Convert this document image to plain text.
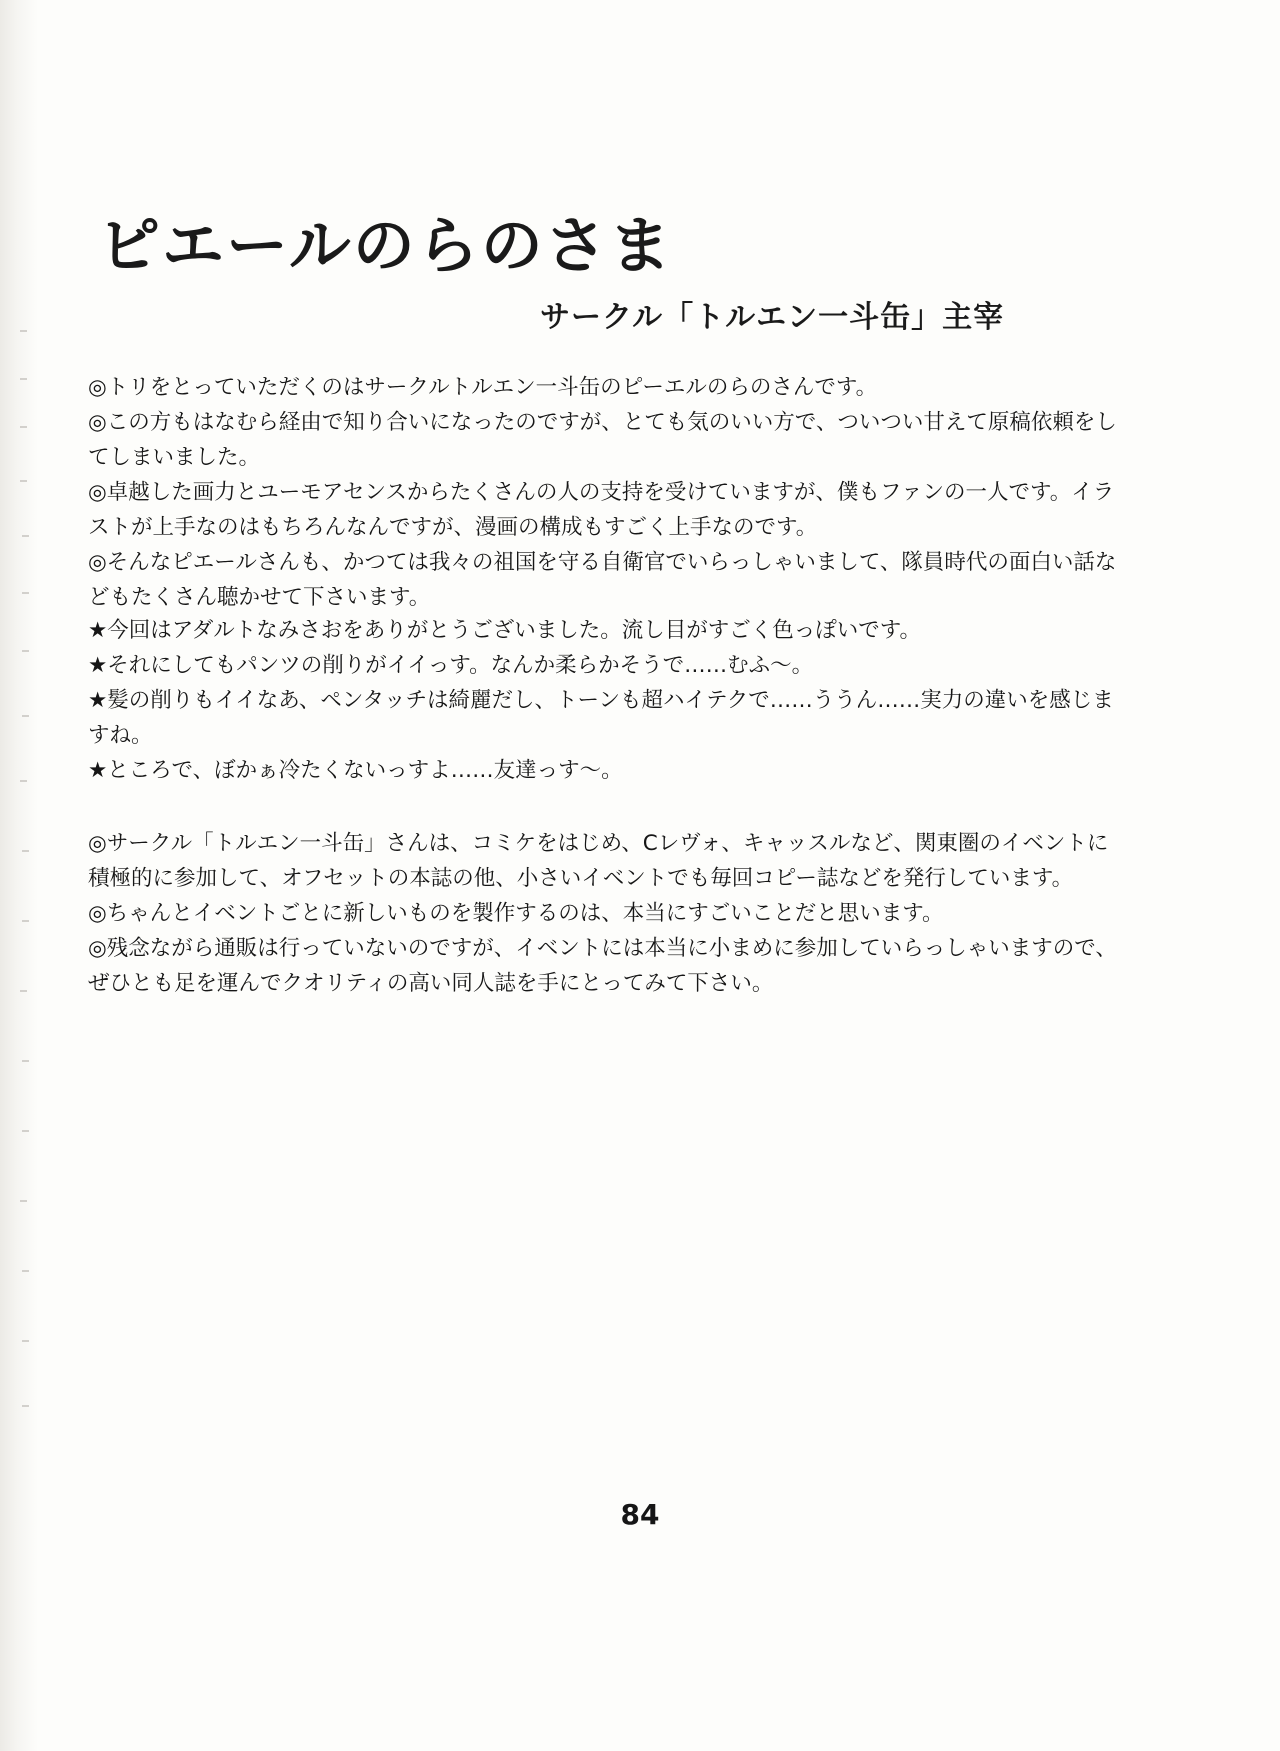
ピエールのらのさま
サークル「トルエン一斗缶」主宰

◎トリをとっていただくのはサークルトルエン一斗缶のピーエルのらのさんです。

◎この方もはなむら経由で知り合いになったのですが、とても気のいい方で、ついつい甘えて原稿依頼をしてしまいました。

◎卓越した画力とユーモアセンスからたくさんの人の支持を受けていますが、僕もファンの一人です。イラストが上手なのはもちろんなんですが、漫画の構成もすごく上手なのです。

◎そんなピエールさんも、かつては我々の祖国を守る自衛官でいらっしゃいまして、隊員時代の面白い話などもたくさん聴かせて下さいます。

★今回はアダルトなみさおをありがとうございました。流し目がすごく色っぽいです。

★それにしてもパンツの削りがイイっす。なんか柔らかそうで……むふ～。

★髪の削りもイイなあ、ペンタッチは綺麗だし、トーンも超ハイテクで……ううん……実力の違いを感じますね。

★ところで、ぼかぁ冷たくないっすよ……友達っす～。

◎サークル「トルエン一斗缶」さんは、コミケをはじめ、Cレヴォ、キャッスルなど、関東圏のイベントに積極的に参加して、オフセットの本誌の他、小さいイベントでも毎回コピー誌などを発行しています。

◎ちゃんとイベントごとに新しいものを製作するのは、本当にすごいことだと思います。

◎残念ながら通販は行っていないのですが、イベントには本当に小まめに参加していらっしゃいますので、ぜひとも足を運んでクオリティの高い同人誌を手にとってみて下さい。

84
